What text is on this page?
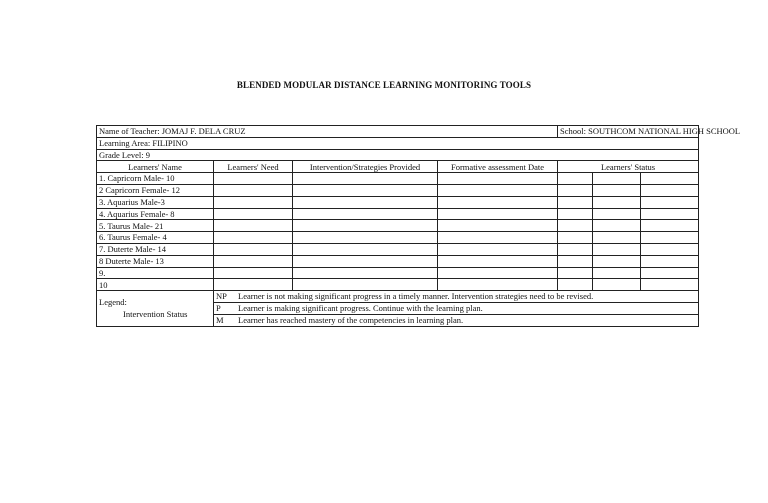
BLENDED MODULAR DISTANCE LEARNING MONITORING TOOLS
Name of Teacher: JOMAJ F. DELA CRUZ				School: SOUTHCOM NATIONAL HIGH SCHOOL		
Learning Area: FILIPINO						
Grade Level: 9						
Learners' Name	Learners' Need	Intervention/Strategies Provided	Formative assessment Date	Learners' Status		
1. Capricorn Male- 10						
2 Capricorn Female- 12						
3. Aquarius Male-3						
4. Aquarius Female- 8						
5. Taurus Male- 21						
6. Taurus Female- 4						
7. Duterte Male- 14						
8 Duterte Male- 13						
9.						
10						
Legend:
Intervention Status	NP Learner is not making significant progress in a timely manner. Intervention strategies need to be revised.					
	P Learner is making significant progress. Continue with the learning plan.					
	M Learner has reached mastery of the competencies in learning plan.					
